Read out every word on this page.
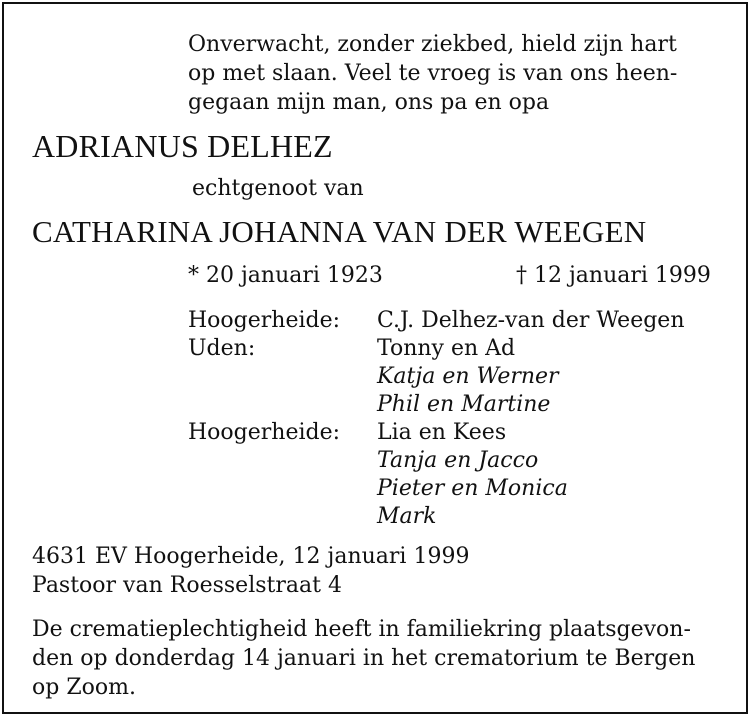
Onverwacht, zonder ziekbed, hield zijn hart
op met slaan. Veel te vroeg is van ons heen-
gegaan mijn man, ons pa en opa
ADRIANUS DELHEZ
echtgenoot van
CATHARINA JOHANNA VAN DER WEEGEN
* 20 januari 1923	† 12 januari 1999
Hoogerheide:
Uden:
Hoogerheide:
C.J. Delhez-van der Weegen
Tonny en Ad
Katja en Werner
Phil en Martine
Lia en Kees
Tanja en Jacco
Pieter en Monica
Mark
4631 EV Hoogerheide, 12 januari 1999
Pastoor van Roesselstraat 4
De crematieplechtigheid heeft in familiekring plaatsgevon-
den op donderdag 14 januari in het crematorium te Bergen
op Zoom.
